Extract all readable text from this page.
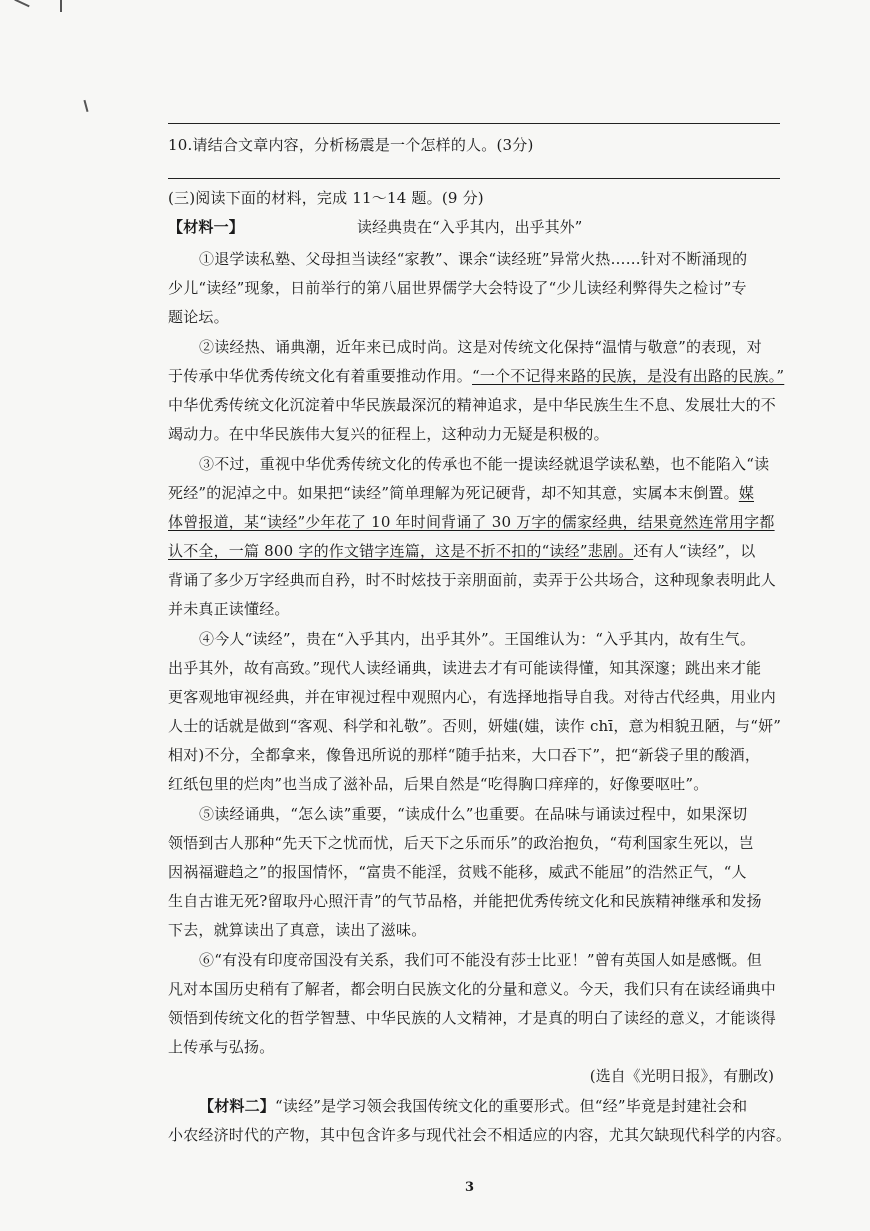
10.请结合文章内容，分析杨震是一个怎样的人。(3分)
(三)阅读下面的材料，完成 11～14 题。(9 分)
【材料一】	读经典贵在“入乎其内，出乎其外”
①退学读私塾、父母担当读经“家教”、课余“读经班”异常火热……针对不断涌现的
少儿“读经”现象，日前举行的第八届世界儒学大会特设了“少儿读经利弊得失之检讨”专
题论坛。
②读经热、诵典潮，近年来已成时尚。这是对传统文化保持“温情与敬意”的表现，对
于传承中华优秀传统文化有着重要推动作用。“一个不记得来路的民族，是没有出路的民族。”
中华优秀传统文化沉淀着中华民族最深沉的精神追求，是中华民族生生不息、发展壮大的不
竭动力。在中华民族伟大复兴的征程上，这种动力无疑是积极的。
③不过，重视中华优秀传统文化的传承也不能一提读经就退学读私塾，也不能陷入“读
死经”的泥淖之中。如果把“读经”简单理解为死记硬背，却不知其意，实属本末倒置。媒
体曾报道，某“读经”少年花了 10 年时间背诵了 30 万字的儒家经典，结果竟然连常用字都
认不全，一篇 800 字的作文错字连篇，这是不折不扣的“读经”悲剧。还有人“读经”，以
背诵了多少万字经典而自矜，时不时炫技于亲朋面前，卖弄于公共场合，这种现象表明此人
并未真正读懂经。
④今人“读经”，贵在“入乎其内，出乎其外”。王国维认为：“入乎其内，故有生气。
出乎其外，故有高致。”现代人读经诵典，读进去才有可能读得懂，知其深邃；跳出来才能
更客观地审视经典，并在审视过程中观照内心，有选择地指导自我。对待古代经典，用业内
人士的话就是做到“客观、科学和礼敬”。否则，妍媸(媸，读作 chī，意为相貌丑陋，与“妍”
相对)不分，全都拿来，像鲁迅所说的那样“随手拈来，大口吞下”，把“新袋子里的酸酒，
红纸包里的烂肉”也当成了滋补品，后果自然是“吃得胸口痒痒的，好像要呕吐”。
⑤读经诵典，“怎么读”重要，“读成什么”也重要。在品味与诵读过程中，如果深切
领悟到古人那种“先天下之忧而忧，后天下之乐而乐”的政治抱负，“苟利国家生死以，岂
因祸福避趋之”的报国情怀，“富贵不能淫，贫贱不能移，威武不能屈”的浩然正气，“人
生自古谁无死?留取丹心照汗青”的气节品格，并能把优秀传统文化和民族精神继承和发扬
下去，就算读出了真意，读出了滋味。
⑥“有没有印度帝国没有关系，我们可不能没有莎士比亚！”曾有英国人如是感慨。但
凡对本国历史稍有了解者，都会明白民族文化的分量和意义。今天，我们只有在读经诵典中
领悟到传统文化的哲学智慧、中华民族的人文精神，才是真的明白了读经的意义，才能谈得
上传承与弘扬。
(选自《光明日报》，有删改)
【材料二】“读经”是学习领会我国传统文化的重要形式。但“经”毕竟是封建社会和
小农经济时代的产物，其中包含许多与现代社会不相适应的内容，尤其欠缺现代科学的内容。
3
